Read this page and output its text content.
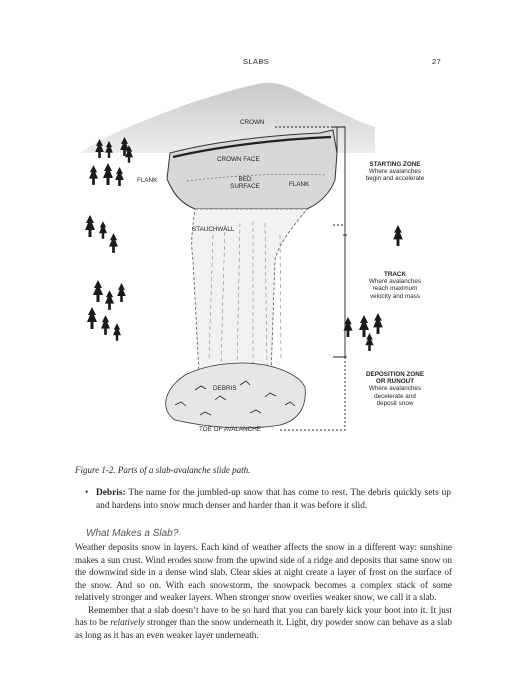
SLABS	27
CROWN
CROWN FACE
FLANK	BED
SURFACE	FLANK
STAUCHWALL
DEBRIS
TOE OF AVALANCHE
STARTING ZONE
Where avalanches
begin and accelerate
TRACK
Where avalanches
reach maximum
velocity and mass
DEPOSITION ZONE
OR RUNOUT
Where avalanches
decelerate and
deposit snow
Figure 1-2. Parts of a slab-avalanche slide path.
• Debris: The name for the jumbled-up snow that has come to rest. The debris quickly sets up and hardens into snow much denser and harder than it was before it slid.
What Makes a Slab?

Weather deposits snow in layers. Each kind of weather affects the snow in a different way: sunshine makes a sun crust. Wind erodes snow from the upwind side of a ridge and deposits that same snow on the downwind side in a dense wind slab. Clear skies at night create a layer of frost on the surface of the snow. And so on. With each snowstorm, the snowpack becomes a complex stack of some relatively stronger and weaker layers. When stronger snow overlies weaker snow, we call it a slab.

Remember that a slab doesn’t have to be so hard that you can barely kick your boot into it. It just has to be relatively stronger than the snow underneath it. Light, dry powder snow can behave as a slab as long as it has an even weaker layer underneath.
